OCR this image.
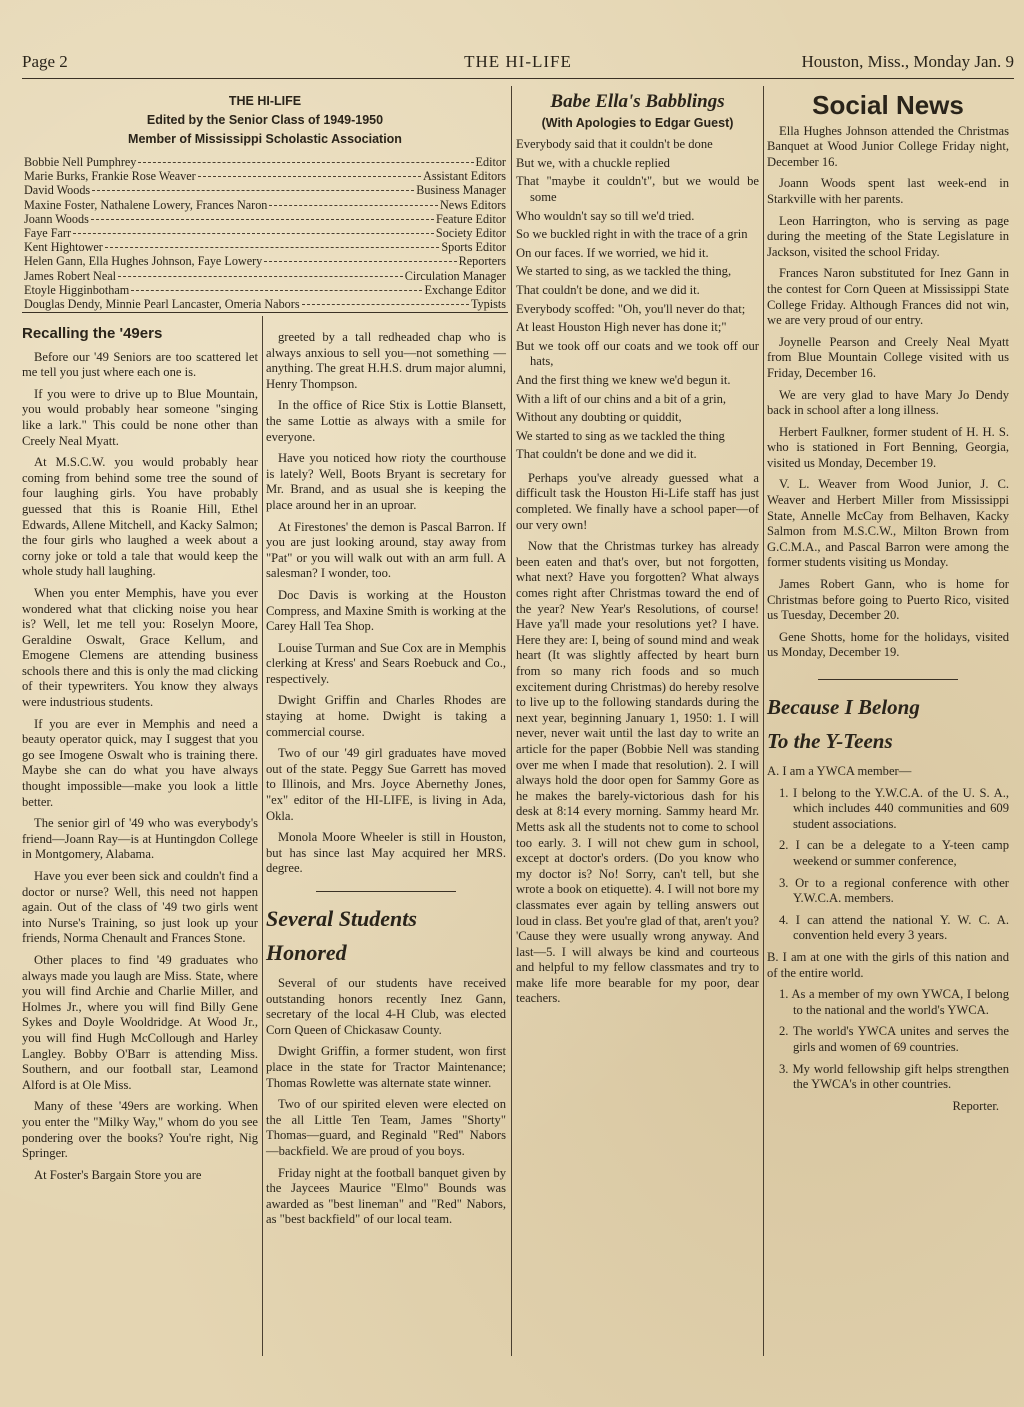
Page 2	THE HI-LIFE	Houston, Miss., Monday Jan. 9
THE HI-LIFE
Edited by the Senior Class of 1949-1950
Member of Mississippi Scholastic Association
Bobbie Nell Pumphrey	Editor
Marie Burks, Frankie Rose Weaver	Assistant Editors
David Woods	Business Manager
Maxine Foster, Nathalene Lowery, Frances Naron	News Editors
Joann Woods	Feature Editor
Faye Farr	Society Editor
Kent Hightower	Sports Editor
Helen Gann, Ella Hughes Johnson, Faye Lowery	Reporters
James Robert Neal	Circulation Manager
Etoyle Higginbotham	Exchange Editor
Douglas Dendy, Minnie Pearl Lancaster, Omeria Nabors	Typists
Recalling the '49ers

Before our '49 Seniors are too scattered let me tell you just where each one is.

If you were to drive up to Blue Mountain, you would probably hear someone "singing like a lark." This could be none other than Creely Neal Myatt.

At M.S.C.W. you would probably hear coming from behind some tree the sound of four laughing girls. You have probably guessed that this is Roanie Hill, Ethel Edwards, Allene Mitchell, and Kacky Salmon; the four girls who laughed a week about a corny joke or told a tale that would keep the whole study hall laughing.

When you enter Memphis, have you ever wondered what that clicking noise you hear is? Well, let me tell you: Roselyn Moore, Geraldine Oswalt, Grace Kellum, and Emogene Clemens are attending business schools there and this is only the mad clicking of their typewriters. You know they always were industrious students.

If you are ever in Memphis and need a beauty operator quick, may I suggest that you go see Imogene Oswalt who is training there. Maybe she can do what you have always thought impossible—make you look a little better.

The senior girl of '49 who was everybody's friend—Joann Ray—is at Huntingdon College in Montgomery, Alabama.

Have you ever been sick and couldn't find a doctor or nurse? Well, this need not happen again. Out of the class of '49 two girls went into Nurse's Training, so just look up your friends, Norma Chenault and Frances Stone.

Other places to find '49 graduates who always made you laugh are Miss. State, where you will find Archie and Charlie Miller, and Holmes Jr., where you will find Billy Gene Sykes and Doyle Wooldridge. At Wood Jr., you will find Hugh McCollough and Harley Langley. Bobby O'Barr is attending Miss. Southern, and our football star, Leamond Alford is at Ole Miss.

Many of these '49ers are working. When you enter the "Milky Way," whom do you see pondering over the books? You're right, Nig Springer.

At Foster's Bargain Store you are

greeted by a tall redheaded chap who is always anxious to sell you—not something — anything. The great H.H.S. drum major alumni, Henry Thompson.

In the office of Rice Stix is Lottie Blansett, the same Lottie as always with a smile for everyone.

Have you noticed how rioty the courthouse is lately? Well, Boots Bryant is secretary for Mr. Brand, and as usual she is keeping the place around her in an uproar.

At Firestones' the demon is Pascal Barron. If you are just looking around, stay away from "Pat" or you will walk out with an arm full. A salesman? I wonder, too.

Doc Davis is working at the Houston Compress, and Maxine Smith is working at the Carey Hall Tea Shop.

Louise Turman and Sue Cox are in Memphis clerking at Kress' and Sears Roebuck and Co., respectively.

Dwight Griffin and Charles Rhodes are staying at home. Dwight is taking a commercial course.

Two of our '49 girl graduates have moved out of the state. Peggy Sue Garrett has moved to Illinois, and Mrs. Joyce Abernethy Jones, "ex" editor of the HI-LIFE, is living in Ada, Okla.

Monola Moore Wheeler is still in Houston, but has since last May acquired her MRS. degree.

Several Students
Honored

Several of our students have received outstanding honors recently Inez Gann, secretary of the local 4-H Club, was elected Corn Queen of Chickasaw County.

Dwight Griffin, a former student, won first place in the state for Tractor Maintenance; Thomas Rowlette was alternate state winner.

Two of our spirited eleven were elected on the all Little Ten Team, James "Shorty" Thomas—guard, and Reginald "Red" Nabors—backfield. We are proud of you boys.

Friday night at the football banquet given by the Jaycees Maurice "Elmo" Bounds was awarded as "best lineman" and "Red" Nabors, as "best backfield" of our local team.

Babe Ella's Babblings
(With Apologies to Edgar Guest)

Everybody said that it couldn't be done

But we, with a chuckle replied

That "maybe it couldn't", but we would be some

Who wouldn't say so till we'd tried.

So we buckled right in with the trace of a grin

On our faces. If we worried, we hid it.

We started to sing, as we tackled the thing,

That couldn't be done, and we did it.

Everybody scoffed: "Oh, you'll never do that;

At least Houston High never has done it;"

But we took off our coats and we took off our hats,

And the first thing we knew we'd begun it.

With a lift of our chins and a bit of a grin,

Without any doubting or quiddit,

We started to sing as we tackled the thing

That couldn't be done and we did it.

Perhaps you've already guessed what a difficult task the Houston Hi-Life staff has just completed. We finally have a school paper—of our very own!

Now that the Christmas turkey has already been eaten and that's over, but not forgotten, what next? Have you forgotten? What always comes right after Christmas toward the end of the year? New Year's Resolutions, of course! Have ya'll made your resolutions yet? I have. Here they are: I, being of sound mind and weak heart (It was slightly affected by heart burn from so many rich foods and so much excitement during Christmas) do hereby resolve to live up to the following standards during the next year, beginning January 1, 1950: 1. I will never, never wait until the last day to write an article for the paper (Bobbie Nell was standing over me when I made that resolution). 2. I will always hold the door open for Sammy Gore as he makes the barely-victorious dash for his desk at 8:14 every morning. Sammy heard Mr. Metts ask all the students not to come to school too early. 3. I will not chew gum in school, except at doctor's orders. (Do you know who my doctor is? No! Sorry, can't tell, but she wrote a book on etiquette). 4. I will not bore my classmates ever again by telling answers out loud in class. Bet you're glad of that, aren't you? 'Cause they were usually wrong anyway. And last—5. I will always be kind and courteous and helpful to my fellow classmates and try to make life more bearable for my poor, dear teachers.

Social News

Ella Hughes Johnson attended the Christmas Banquet at Wood Junior College Friday night, December 16.

Joann Woods spent last week-end in Starkville with her parents.

Leon Harrington, who is serving as page during the meeting of the State Legislature in Jackson, visited the school Friday.

Frances Naron substituted for Inez Gann in the contest for Corn Queen at Mississippi State College Friday. Although Frances did not win, we are very proud of our entry.

Joynelle Pearson and Creely Neal Myatt from Blue Mountain College visited with us Friday, December 16.

We are very glad to have Mary Jo Dendy back in school after a long illness.

Herbert Faulkner, former student of H. H. S. who is stationed in Fort Benning, Georgia, visited us Monday, December 19.

V. L. Weaver from Wood Junior, J. C. Weaver and Herbert Miller from Mississippi State, Annelle McCay from Belhaven, Kacky Salmon from M.S.C.W., Milton Brown from G.C.M.A., and Pascal Barron were among the former students visiting us Monday.

James Robert Gann, who is home for Christmas before going to Puerto Rico, visited us Tuesday, December 20.

Gene Shotts, home for the holidays, visited us Monday, December 19.

Because I Belong
To the Y-Teens

A. I am a YWCA member—

1. I belong to the Y.W.C.A. of the U. S. A., which includes 440 communities and 609 student associations.

2. I can be a delegate to a Y-teen camp weekend or summer conference,

3. Or to a regional conference with other Y.W.C.A. members.

4. I can attend the national Y. W. C. A. convention held every 3 years.

B. I am at one with the girls of this nation and of the entire world.

1. As a member of my own YWCA, I belong to the national and the world's YWCA.

2. The world's YWCA unites and serves the girls and women of 69 countries.

3. My world fellowship gift helps strengthen the YWCA's in other countries.

Reporter.
